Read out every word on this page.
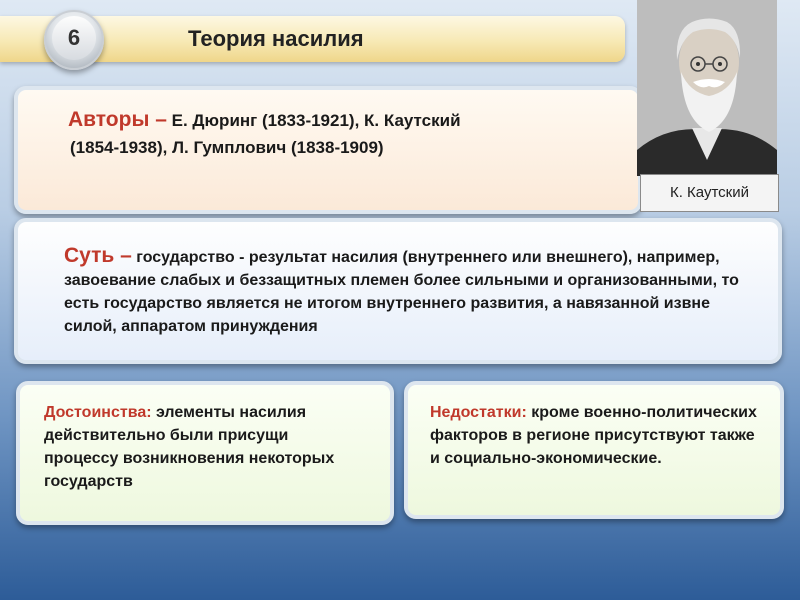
Теория насилия
6
Авторы – Е. Дюринг (1833-1921), К. Каутский
(1854-1938), Л. Гумплович (1838-1909)
Суть – государство - результат насилия (внутреннего или внешнего), например, завоевание слабых и беззащитных племен более сильными и организованными, то есть государство является не итогом внутреннего развития, а навязанной извне силой, аппаратом принуждения
Достоинства: элементы насилия действительно были присущи процессу возникновения некоторых государств
Недостатки: кроме военно-политических факторов в регионе присутствуют также и социально-экономические.
К. Каутский
